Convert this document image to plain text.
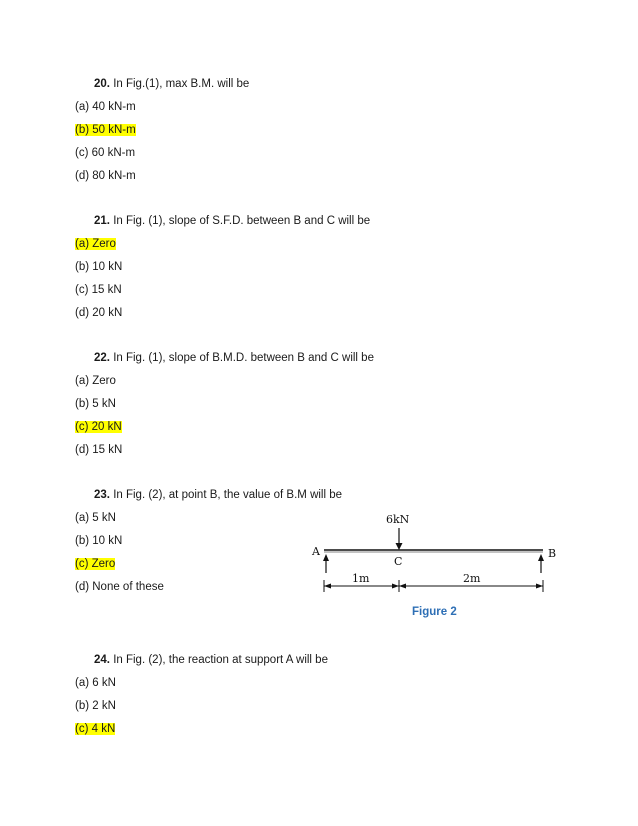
20. In Fig.(1), max B.M. will be
(a) 40 kN-m
(b) 50 kN-m
(c) 60 kN-m
(d) 80 kN-m
21. In Fig. (1), slope of S.F.D. between B and C will be
(a) Zero
(b) 10 kN
(c) 15 kN
(d) 20 kN
22. In Fig. (1), slope of B.M.D. between B and C will be
(a) Zero
(b) 5 kN
(c) 20 kN
(d) 15 kN
23. In Fig. (2), at point B, the value of B.M will be
(a) 5 kN
(b) 10 kN
(c) Zero
(d) None of these
6kN
A	B
C
1m	2m
Figure 2
24. In Fig. (2), the reaction at support A will be
(a) 6 kN
(b) 2 kN
(c) 4 kN
